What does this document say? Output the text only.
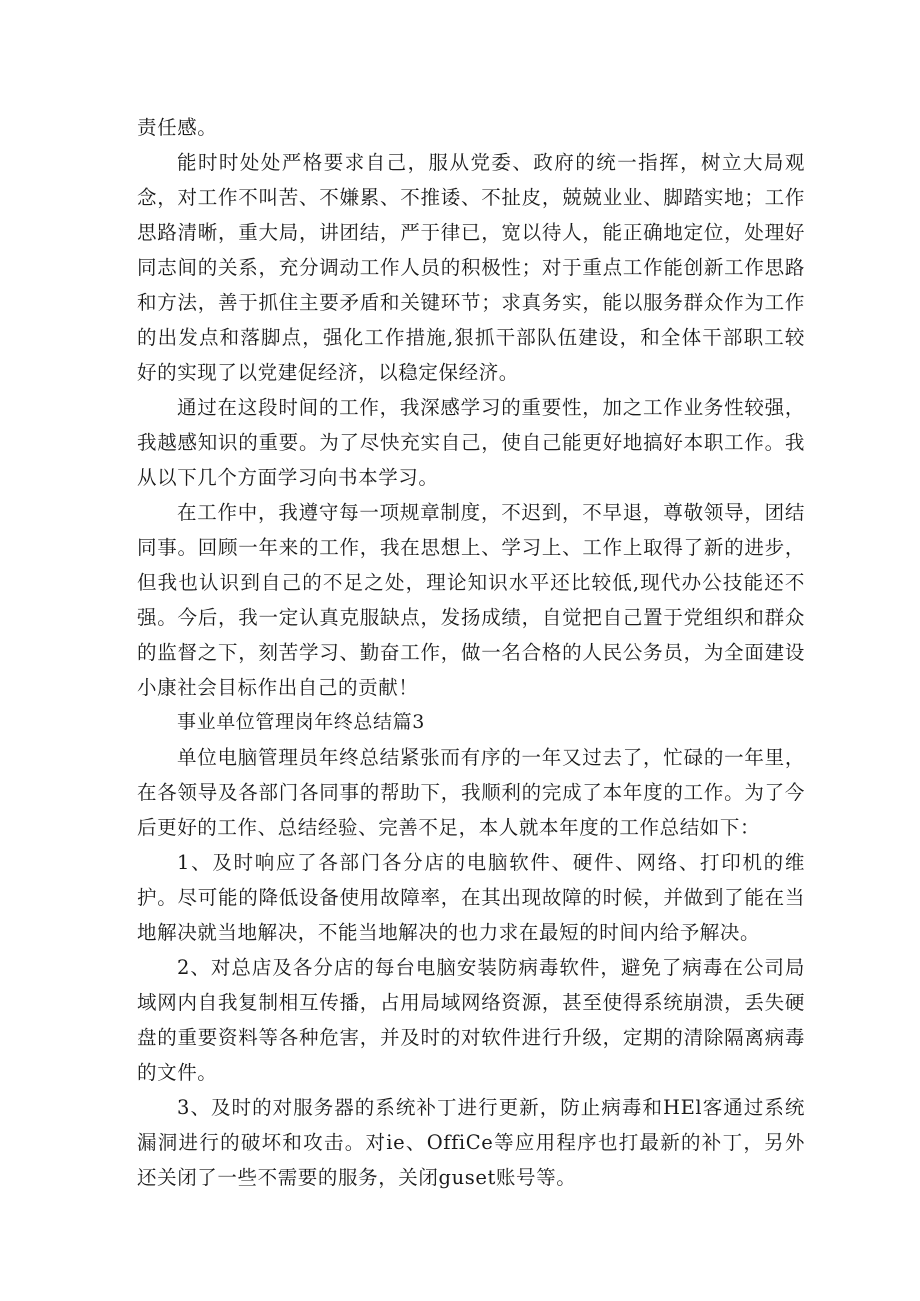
责任感。

能时时处处严格要求自己，服从党委、政府的统一指挥，树立大局观念，对工作不叫苦、不嫌累、不推诿、不扯皮，兢兢业业、脚踏实地；工作思路清晰，重大局，讲团结，严于律已，宽以待人，能正确地定位，处理好同志间的关系，充分调动工作人员的积极性；对于重点工作能创新工作思路和方法，善于抓住主要矛盾和关键环节；求真务实，能以服务群众作为工作的出发点和落脚点，强化工作措施,狠抓干部队伍建设，和全体干部职工较好的实现了以党建促经济，以稳定保经济。

通过在这段时间的工作，我深感学习的重要性，加之工作业务性较强，我越感知识的重要。为了尽快充实自己，使自己能更好地搞好本职工作。我从以下几个方面学习向书本学习。

在工作中，我遵守每一项规章制度，不迟到，不早退，尊敬领导，团结同事。回顾一年来的工作，我在思想上、学习上、工作上取得了新的进步，但我也认识到自己的不足之处，理论知识水平还比较低,现代办公技能还不强。今后，我一定认真克服缺点，发扬成绩，自觉把自己置于党组织和群众的监督之下，刻苦学习、勤奋工作，做一名合格的人民公务员，为全面建设小康社会目标作出自己的贡献！

事业单位管理岗年终总结篇3

单位电脑管理员年终总结紧张而有序的一年又过去了，忙碌的一年里，在各领导及各部门各同事的帮助下，我顺利的完成了本年度的工作。为了今后更好的工作、总结经验、完善不足，本人就本年度的工作总结如下：

1、及时响应了各部门各分店的电脑软件、硬件、网络、打印机的维护。尽可能的降低设备使用故障率，在其出现故障的时候，并做到了能在当地解决就当地解决，不能当地解决的也力求在最短的时间内给予解决。

2、对总店及各分店的每台电脑安装防病毒软件，避免了病毒在公司局域网内自我复制相互传播，占用局域网络资源，甚至使得系统崩溃，丢失硬盘的重要资料等各种危害，并及时的对软件进行升级，定期的清除隔离病毒的文件。

3、及时的对服务器的系统补丁进行更新，防止病毒和HEl客通过系统漏洞进行的破坏和攻击。对ie、OffiCe等应用程序也打最新的补丁，另外还关闭了一些不需要的服务，关闭guset账号等。
